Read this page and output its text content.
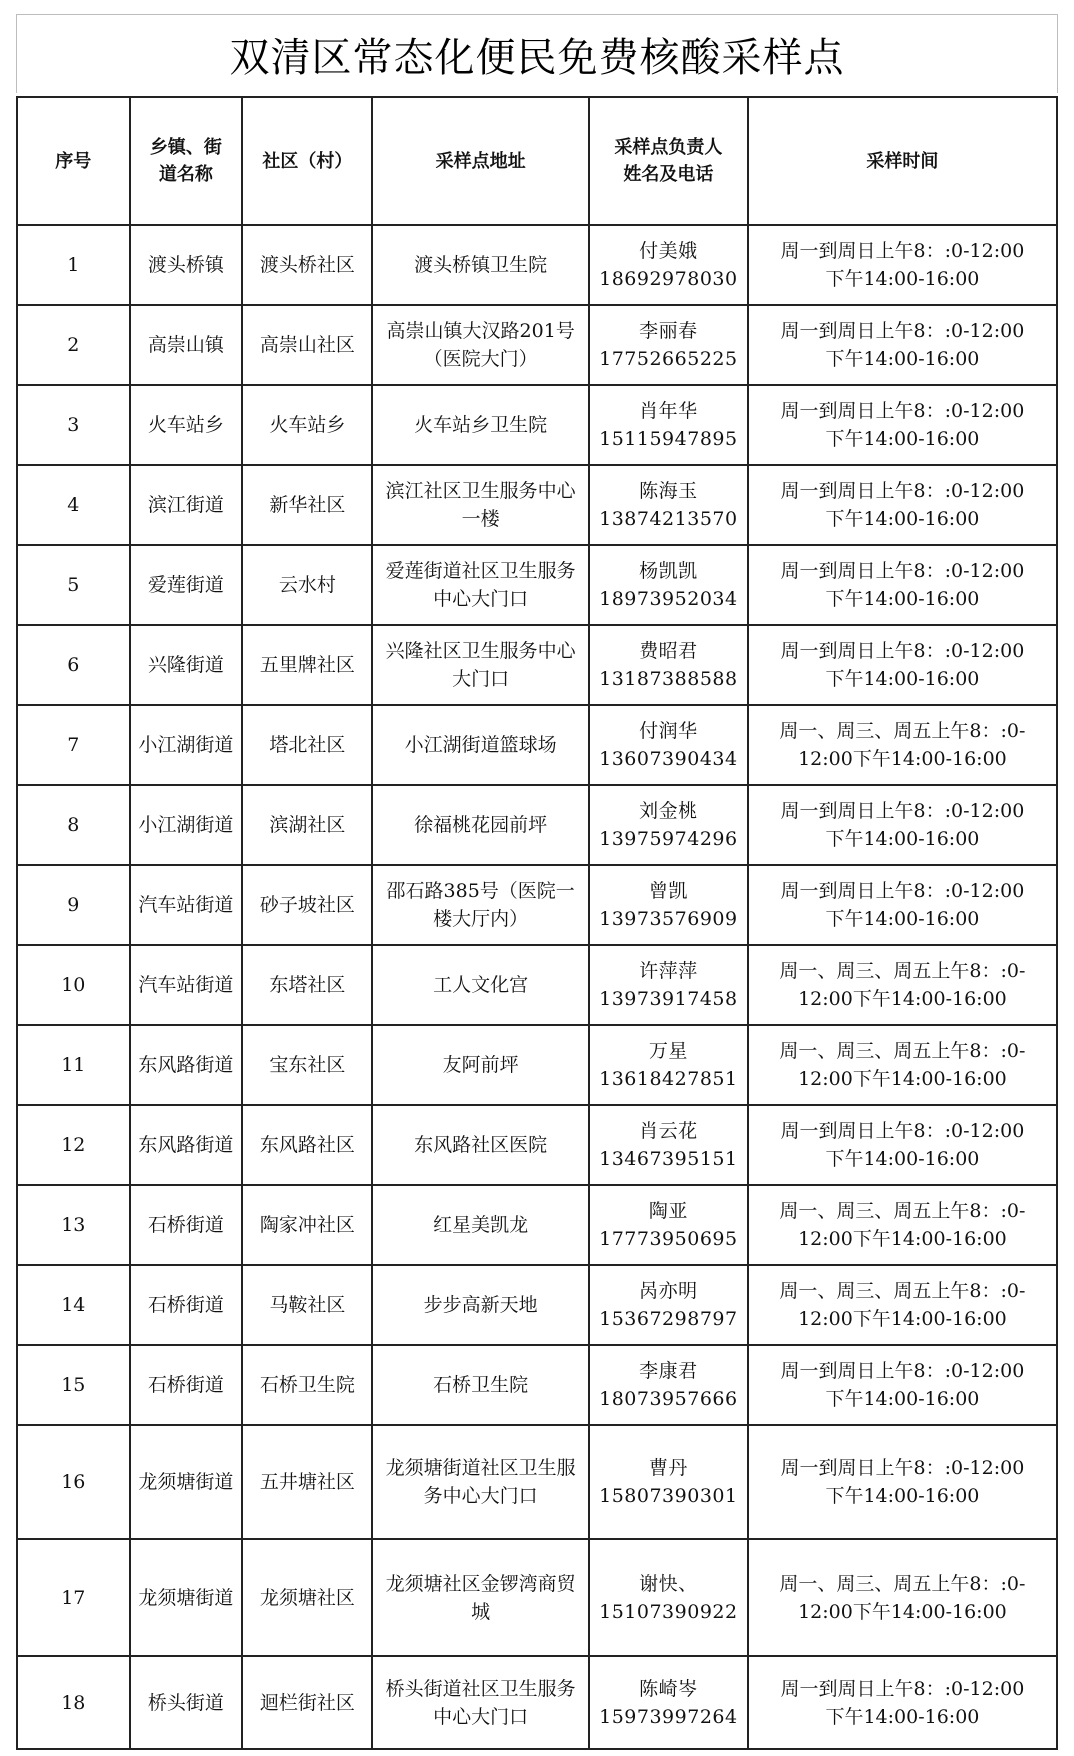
双清区常态化便民免费核酸采样点
序号	乡镇、街
道名称	社区（村）	采样点地址	采样点负责人
姓名及电话	采样时间
1	渡头桥镇	渡头桥社区	渡头桥镇卫生院	付美娥
18692978030	周一到周日上午8：:0-12:00
下午14:00-16:00

2	高崇山镇	高崇山社区	高崇山镇大汉路201号（医院大门）	李丽春
17752665225	周一到周日上午8：:0-12:00
下午14:00-16:00

3	火车站乡	火车站乡	火车站乡卫生院	肖年华
15115947895	周一到周日上午8：:0-12:00
下午14:00-16:00

4	滨江街道	新华社区	滨江社区卫生服务中心一楼	陈海玉
13874213570	周一到周日上午8：:0-12:00
下午14:00-16:00

5	爱莲街道	云水村	爱莲街道社区卫生服务中心大门口	杨凯凯
18973952034	周一到周日上午8：:0-12:00
下午14:00-16:00

6	兴隆街道	五里牌社区	兴隆社区卫生服务中心大门口	费昭君
13187388588	周一到周日上午8：:0-12:00
下午14:00-16:00

7	小江湖街道	塔北社区	小江湖街道篮球场	付润华
13607390434	周一、周三、周五上午8：:0-
12:00下午14:00-16:00

8	小江湖街道	滨湖社区	徐福桃花园前坪	刘金桃
13975974296	周一到周日上午8：:0-12:00
下午14:00-16:00

9	汽车站街道	砂子坡社区	邵石路385号（医院一楼大厅内）	曾凯
13973576909	周一到周日上午8：:0-12:00
下午14:00-16:00

10	汽车站街道	东塔社区	工人文化宫	许萍萍
13973917458	周一、周三、周五上午8：:0-
12:00下午14:00-16:00

11	东风路街道	宝东社区	友阿前坪	万星
13618427851	周一、周三、周五上午8：:0-
12:00下午14:00-16:00

12	东风路街道	东风路社区	东风路社区医院	肖云花
13467395151	周一到周日上午8：:0-12:00
下午14:00-16:00

13	石桥街道	陶家冲社区	红星美凯龙	陶亚
17773950695	周一、周三、周五上午8：:0-
12:00下午14:00-16:00

14	石桥街道	马鞍社区	步步高新天地	呙亦明
15367298797	周一、周三、周五上午8：:0-
12:00下午14:00-16:00

15	石桥街道	石桥卫生院	石桥卫生院	李康君
18073957666	周一到周日上午8：:0-12:00
下午14:00-16:00

16	龙须塘街道	五井塘社区	龙须塘街道社区卫生服务中心大门口	曹丹
15807390301	周一到周日上午8：:0-12:00
下午14:00-16:00

17	龙须塘街道	龙须塘社区	龙须塘社区金锣湾商贸城	谢快、
15107390922	周一、周三、周五上午8：:0-
12:00下午14:00-16:00

18	桥头街道	迴栏街社区	桥头街道社区卫生服务中心大门口	陈崎岑
15973997264	周一到周日上午8：:0-12:00
下午14:00-16:00
